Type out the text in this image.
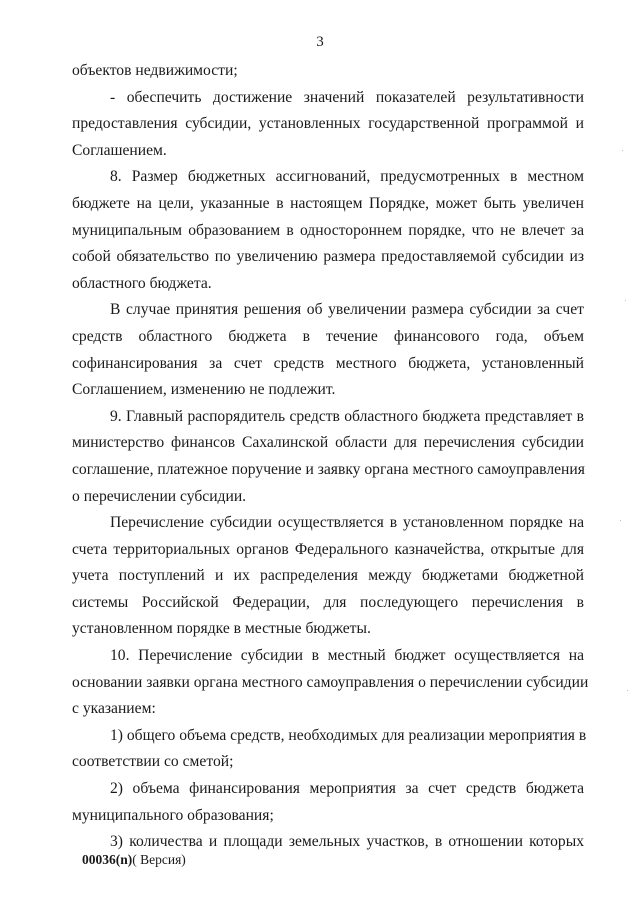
3
объектов недвижимости;
- обеспечить достижение значений показателей результативности
предоставления субсидии, установленных государственной программой и
Соглашением.
8. Размер бюджетных ассигнований, предусмотренных в местном
бюджете на цели, указанные в настоящем Порядке, может быть увеличен
муниципальным образованием в одностороннем порядке, что не влечет за
собой обязательство по увеличению размера предоставляемой субсидии из
областного бюджета.
В случае принятия решения об увеличении размера субсидии за счет
средств областного бюджета в течение финансового года, объем
софинансирования за счет средств местного бюджета, установленный
Соглашением, изменению не подлежит.
9. Главный распорядитель средств областного бюджета представляет в
министерство финансов Сахалинской области для перечисления субсидии
соглашение, платежное поручение и заявку органа местного самоуправления
о перечислении субсидии.
Перечисление субсидии осуществляется в установленном порядке на
счета территориальных органов Федерального казначейства, открытые для
учета поступлений и их распределения между бюджетами бюджетной
системы Российской Федерации, для последующего перечисления в
установленном порядке в местные бюджеты.
10. Перечисление субсидии в местный бюджет осуществляется на
основании заявки органа местного самоуправления о перечислении субсидии
с указанием:
1) общего объема средств, необходимых для реализации мероприятия в
соответствии со сметой;
2) объема финансирования мероприятия за счет средств бюджета
муниципального образования;
3) количества и площади земельных участков, в отношении которых
00036(n)( Версия)
